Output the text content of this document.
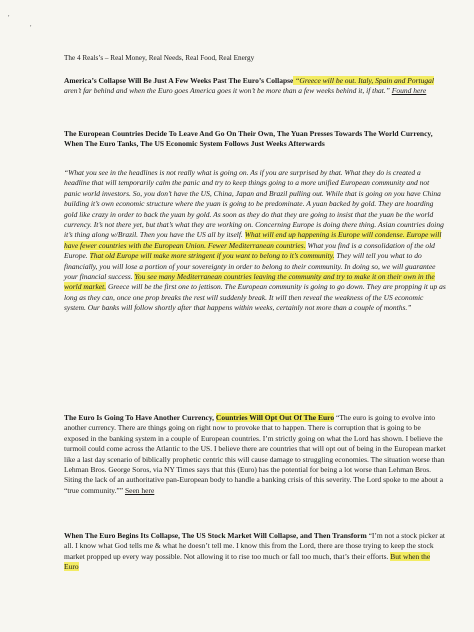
′
′
The 4 Reals’s – Real Money, Real Needs, Real Food, Real Energy

America’s Collapse Will Be Just A Few Weeks Past The Euro’s Collapse “Greece will be out. Italy, Spain and Portugal aren’t far behind and when the Euro goes America goes it won’t be more than a few weeks behind it, if that.” Found here

The European Countries Decide To Leave And Go On Their Own, The Yuan Presses Towards The World Currency, When The Euro Tanks, The US Economic System Follows Just Weeks Afterwards

“What you see in the headlines is not really what is going on. As if you are surprised by that. What they do is created a headline that will temporarily calm the panic and try to keep things going to a more unified European community and not panic world investors. So, you don’t have the US, China, Japan and Brazil pulling out. While that is going on you have China building it’s own economic structure where the yuan is going to be predominate. A yuan backed by gold. They are hoarding gold like crazy in order to back the yuan by gold. As soon as they do that they are going to insist that the yuan be the world currency. It’s not there yet, but that’s what they are working on. Concerning Europe is doing there thing. Asian countries doing it’s thing along w/Brazil. Then you have the US all by itself. What will end up happening is Europe will condense. Europe will have fewer countries with the European Union. Fewer Mediterranean countries. What you find is a consolidation of the old Europe. That old Europe will make more stringent if you want to belong to it’s community. They will tell you what to do financially, you will lose a portion of your sovereignty in order to belong to their community. In doing so, we will guarantee your financial success. You see many Mediterranean countries leaving the community and try to make it on their own in the world market. Greece will be the first one to jettison. The European community is going to go down. They are propping it up as long as they can, once one prop breaks the rest will suddenly break. It will then reveal the weakness of the US economic system. Our banks will follow shortly after that happens within weeks, certainly not more than a couple of months.”

The Euro Is Going To Have Another Currency, Countries Will Opt Out Of The Euro “The euro is going to evolve into another currency. There are things going on right now to provoke that to happen. There is corruption that is going to be exposed in the banking system in a couple of European countries. I’m strictly going on what the Lord has shown. I believe the turmoil could come across the Atlantic to the US. I believe there are countries that will opt out of being in the European market like a last day scenario of biblically prophetic centric this will cause damage to struggling economies. The situation worse than Lehman Bros. George Soros, via NY Times says that this (Euro) has the potential for being a lot worse than Lehman Bros. Siting the lack of an authoritative pan-European body to handle a banking crisis of this severity. The Lord spoke to me about a “true community.”” Seen here

When The Euro Begins Its Collapse, The US Stock Market Will Collapse, and Then Transform “I’m not a stock picker at all. I know what God tells me & what he doesn’t tell me. I know this from the Lord, there are those trying to keep the stock market propped up every way possible. Not allowing it to rise too much or fall too much, that’s their efforts. But when the Euro
